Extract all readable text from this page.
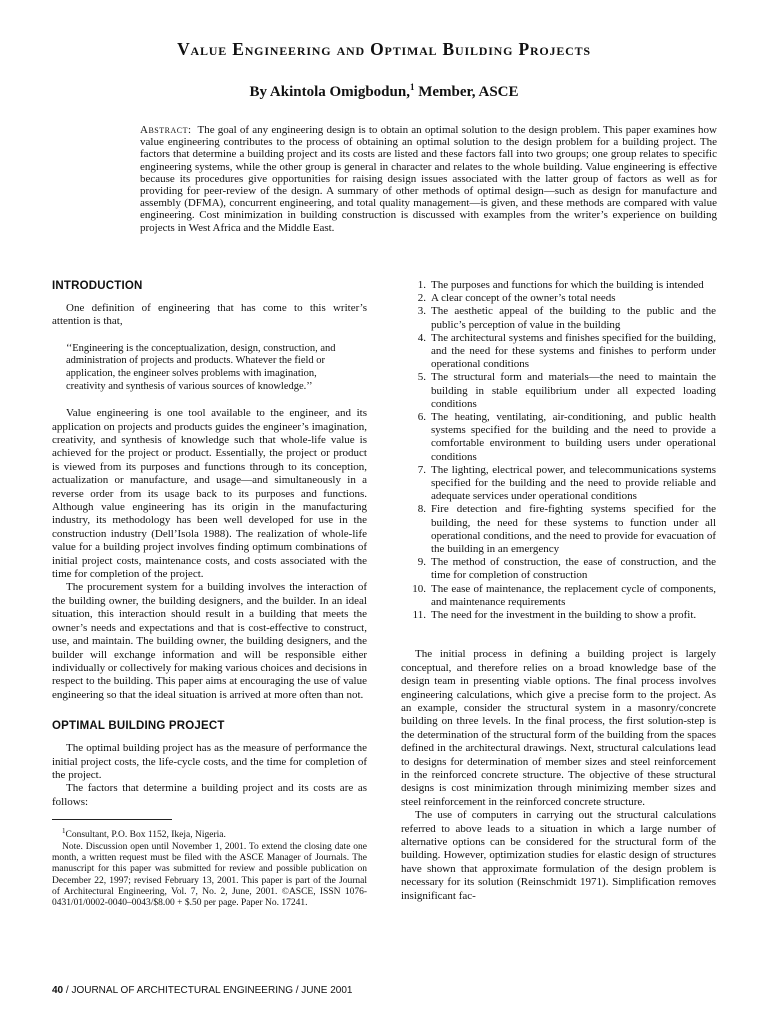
Value Engineering and Optimal Building Projects
By Akintola Omigbodun,$^1$ Member, ASCE
Abstract: The goal of any engineering design is to obtain an optimal solution to the design problem. This paper examines how value engineering contributes to the process of obtaining an optimal solution to the design problem for a building project. The factors that determine a building project and its costs are listed and these factors fall into two groups; one group relates to specific engineering systems, while the other group is general in character and relates to the whole building. Value engineering is effective because its procedures give opportunities for raising design issues associated with the latter group of factors as well as for providing for peer-review of the design. A summary of other methods of optimal design—such as design for manufacture and assembly (DFMA), concurrent engineering, and total quality management—is given, and these methods are compared with value engineering. Cost minimization in building construction is discussed with examples from the writer’s experience on building projects in West Africa and the Middle East.
INTRODUCTION

One definition of engineering that has come to this writer’s attention is that,

‘‘Engineering is the conceptualization, design, construction, and administration of projects and products. Whatever the field or application, the engineer solves problems with imagination, creativity and synthesis of various sources of knowledge.’’

Value engineering is one tool available to the engineer, and its application on projects and products guides the engineer’s imagination, creativity, and synthesis of knowledge such that whole-life value is achieved for the project or product. Essentially, the project or product is viewed from its purposes and functions through to its conception, actualization or manufacture, and usage—and simultaneously in a reverse order from its usage back to its purposes and functions. Although value engineering has its origin in the manufacturing industry, its methodology has been well developed for use in the construction industry (Dell’Isola 1988). The realization of whole-life value for a building project involves finding optimum combinations of initial project costs, maintenance costs, and costs associated with the time for completion of the project.

The procurement system for a building involves the interaction of the building owner, the building designers, and the builder. In an ideal situation, this interaction should result in a building that meets the owner’s needs and expectations and that is cost-effective to construct, use, and maintain. The building owner, the building designers, and the builder will exchange information and will be responsible either individually or collectively for making various choices and decisions in respect to the building. This paper aims at encouraging the use of value engineering so that the ideal situation is arrived at more often than not.

OPTIMAL BUILDING PROJECT

The optimal building project has as the measure of performance the initial project costs, the life-cycle costs, and the time for completion of the project.

The factors that determine a building project and its costs are as follows:

$^1$Consultant, P.O. Box 1152, Ikeja, Nigeria.

Note. Discussion open until November 1, 2001. To extend the closing date one month, a written request must be filed with the ASCE Manager of Journals. The manuscript for this paper was submitted for review and possible publication on December 22, 1997; revised February 13, 2001. This paper is part of the Journal of Architectural Engineering, Vol. 7, No. 2, June, 2001. ©ASCE, ISSN 1076-0431/01/0002-0040–0043/$8.00 + $.50 per page. Paper No. 17241.

1. The purposes and functions for which the building is intended
2. A clear concept of the owner’s total needs
3. The aesthetic appeal of the building to the public and the public’s perception of value in the building
4. The architectural systems and finishes specified for the building, and the need for these systems and finishes to perform under operational conditions
5. The structural form and materials—the need to maintain the building in stable equilibrium under all expected loading conditions
6. The heating, ventilating, air-conditioning, and public health systems specified for the building and the need to provide a comfortable environment to building users under operational conditions
7. The lighting, electrical power, and telecommunications systems specified for the building and the need to provide reliable and adequate services under operational conditions
8. Fire detection and fire-fighting systems specified for the building, the need for these systems to function under all operational conditions, and the need to provide for evacuation of the building in an emergency
9. The method of construction, the ease of construction, and the time for completion of construction
10. The ease of maintenance, the replacement cycle of components, and maintenance requirements
11. The need for the investment in the building to show a profit.

The initial process in defining a building project is largely conceptual, and therefore relies on a broad knowledge base of the design team in presenting viable options. The final process involves engineering calculations, which give a precise form to the project. As an example, consider the structural system in a masonry/concrete building on three levels. In the final process, the first solution-step is the determination of the structural form of the building from the spaces defined in the architectural drawings. Next, structural calculations lead to designs for determination of member sizes and steel reinforcement in the reinforced concrete structure. The objective of these structural designs is cost minimization through minimizing member sizes and steel reinforcement in the reinforced concrete structure.

The use of computers in carrying out the structural calculations referred to above leads to a situation in which a large number of alternative options can be considered for the structural form of the building. However, optimization studies for elastic design of structures have shown that approximate formulation of the design problem is necessary for its solution (Reinschmidt 1971). Simplification removes insignificant fac-

40 / JOURNAL OF ARCHITECTURAL ENGINEERING / JUNE 2001
